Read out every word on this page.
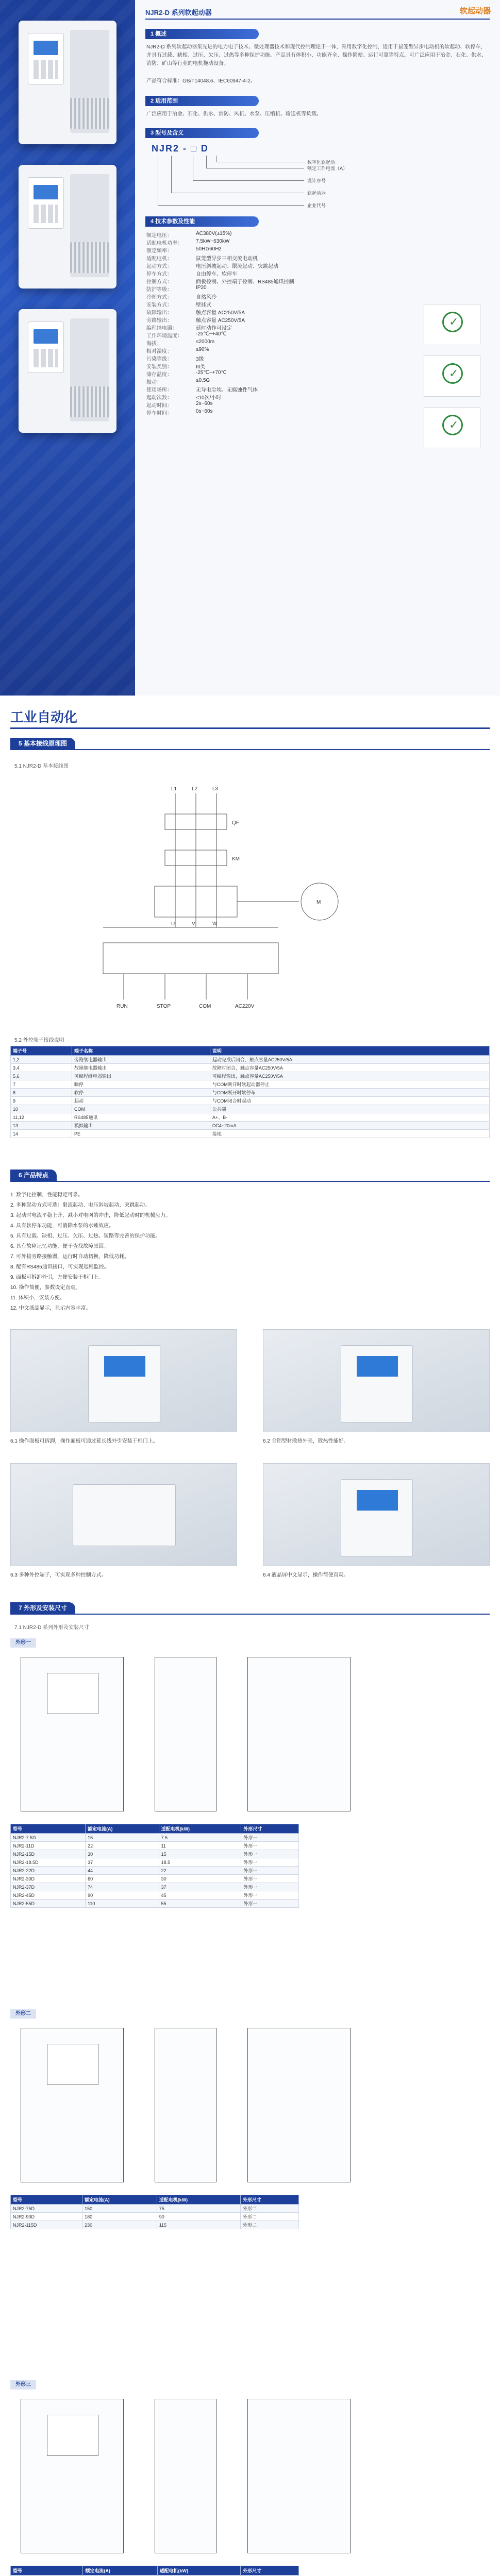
NJR2-D 系列软起动器	软起动器
1 概述
NJR2-D 系列软起动器集先进的电力电子技术、微处理器技术和现代控制理论于一体，采用数字化控制，适用于鼠笼型异步电动机的软起动、软停车，并具有过载、缺相、过压、欠压、过热等多种保护功能。产品具有体积小、功能齐全、操作简便、运行可靠等特点，可广泛应用于冶金、石化、供水、消防、矿山等行业的电机拖动设备。
产品符合标准：GB/T14048.6、IEC60947-4-2。
2 适用范围
广泛应用于冶金、石化、供水、消防、风机、水泵、压缩机、输送机等负载。
3 型号及含义
NJR2 - □ D
数字化软起动
额定工作电流（A）
设计序号
软起动器
企业代号
4 技术参数及性能
额定电压：	AC380V(±15%)
适配电机功率：	7.5kW~630kW
额定频率：	50Hz/60Hz
适配电机：	鼠笼型异步三相交流电动机
起动方式：	电压斜坡起动、限流起动、突跳起动
停车方式：	自由停车、软停车
控制方式：	面板控制、外控端子控制、RS485通讯控制
防护等级：	IP20
冷却方式：	自然风冷
安装方式：	壁挂式
故障输出：	触点容量 AC250V/5A
旁路输出：	触点容量 AC250V/5A
编程继电器：	延时动作可设定
工作环境温度：	-25℃~+40℃
海拔：	≤2000m
相对湿度：	≤90%
污染等级：	3级
安装类别：	III类
储存温度：	-25℃~+70℃
振动：	≤0.5G
使用场所：	无导电尘埃、无腐蚀性气体
起动次数：	≤10次/小时
起动时间：	2s~60s
停车时间：	0s~60s
✓
✓
✓
工业自动化
5 基本接线原理图
5.1 NJR2-D 基本接线图
QF
KM
L1	L2	L3
U	V	W
M
RUN	STOP	COM	AC220V
5.2 外控端子接线说明
端子号	端子名称	说明
1,2	旁路继电器输出	起动完成后闭合，触点容量AC250V/5A
3,4	故障继电器输出	故障时闭合，触点容量AC250V/5A
5,6	可编程继电器输出	可编程输出，触点容量AC250V/5A
7	瞬停	与COM断开时软起动器停止
8	软停	与COM断开时软停车
9	起动	与COM闭合时起动
10	COM	公共端
11,12	RS485通讯	A+、B-
13	模拟输出	DC4~20mA
14	PE	接地
6 产品特点
1. 数字化控制，性能稳定可靠。
2. 多种起动方式可选：限流起动、电压斜坡起动、突跳起动。
3. 起动时电流平稳上升，减小对电网的冲击，降低起动时的机械应力。
4. 具有软停车功能，可消除水泵的水锤效应。
5. 具有过载、缺相、过压、欠压、过热、短路等完善的保护功能。
6. 具有故障记忆功能，便于查找故障原因。
7. 可外接旁路接触器，运行时自动切换，降低功耗。
8. 配有RS485通讯接口，可实现远程监控。
9. 面板可拆卸外引，方便安装于柜门上。
10. 操作简便，参数设定直观。
11. 体积小，安装方便。
12. 中文液晶显示，显示内容丰富。
6.1 操作面板可拆卸，操作面板可通过延长线外引安装于柜门上。	6.2 全铝型材散热外壳，散热性能好。
6.3 多种外控端子，可实现多种控制方式。	6.4 液晶屏中文显示，操作简便直观。
7 外形及安装尺寸
7.1 NJR2-D 系列外形及安装尺寸
外形一
型号	额定电流(A)	适配电机(kW)	外形尺寸
NJR2-7.5D	15	7.5	外形一
NJR2-11D	22	11	外形一
NJR2-15D	30	15	外形一
NJR2-18.5D	37	18.5	外形一
NJR2-22D	44	22	外形一
NJR2-30D	60	30	外形一
NJR2-37D	74	37	外形一
NJR2-45D	90	45	外形一
NJR2-55D	110	55	外形一
外形二
型号	额定电流(A)	适配电机(kW)	外形尺寸
NJR2-75D	150	75	外形二
NJR2-90D	180	90	外形二
NJR2-115D	230	115	外形二
外形三
型号	额定电流(A)	适配电机(kW)	外形尺寸
